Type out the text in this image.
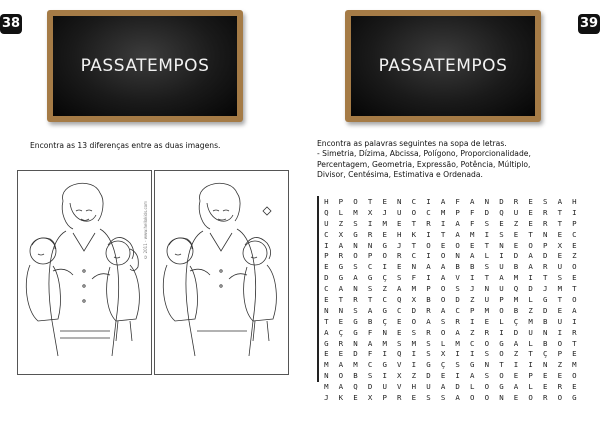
38
PASSATEMPOS
Encontra as 13 diferenças entre as duas imagens.
© 2011 - www.hellokids.com
39
PASSATEMPOS
Encontra as palavras seguintes na sopa de letras.
- Simetria, Dízima, Abcissa, Polígono, Proporcionalidade,
Percentagem, Geometria, Expressão, Potência, Múltiplo,
Divisor, Centésima, Estimativa e Ordenada.
H	P	O	T	E	N	C	I	A	F	A	N	D	R	E	S	A	H
Q	L	M	X	J	U	O	C	M	P	F	D	Q	U	E	R	T	I
U	Z	S	I	M	E	T	R	I	A	F	S	E	Z	E	R	T	P
C	X	G	R	E	H	K	I	T	A	M	I	S	E	T	N	E	C
I	A	N	N	G	J	T	O	E	O	E	T	N	E	O	P	X	E
P	R	O	P	O	R	C	I	O	N	A	L	I	D	A	D	E	Z
E	G	S	C	I	E	N	A	A	B	B	S	U	B	A	R	U	O
D	G	A	G	Ç	S	F	I	A	V	I	T	A	M	I	T	S	E
C	A	N	S	Z	A	M	P	O	S	J	N	U	Q	D	J	M	T
E	T	R	T	C	Q	X	B	O	D	Z	U	P	M	L	G	T	O
N	N	S	A	G	C	D	R	A	C	P	M	O	B	Z	D	E	A
T	E	G	B	Ç	E	O	A	S	R	I	E	L	Ç	M	B	U	I
A	Ç	G	F	N	E	S	R	O	A	Z	R	I	D	U	N	I	R
G	R	N	A	M	S	M	S	L	M	C	O	G	A	L	B	O	T
E	E	D	F	I	Q	I	S	X	I	I	S	O	Z	T	Ç	P	E
M	A	M	C	G	V	I	G	Ç	S	G	N	T	I	I	N	Z	M
N	O	B	S	I	X	Z	D	E	I	A	S	O	E	P	E	E	O
M	A	Q	D	U	V	H	U	A	D	L	O	G	A	L	E	R	E
J	K	E	X	P	R	E	S	S	A	O	O	N	E	O	R	O	G
